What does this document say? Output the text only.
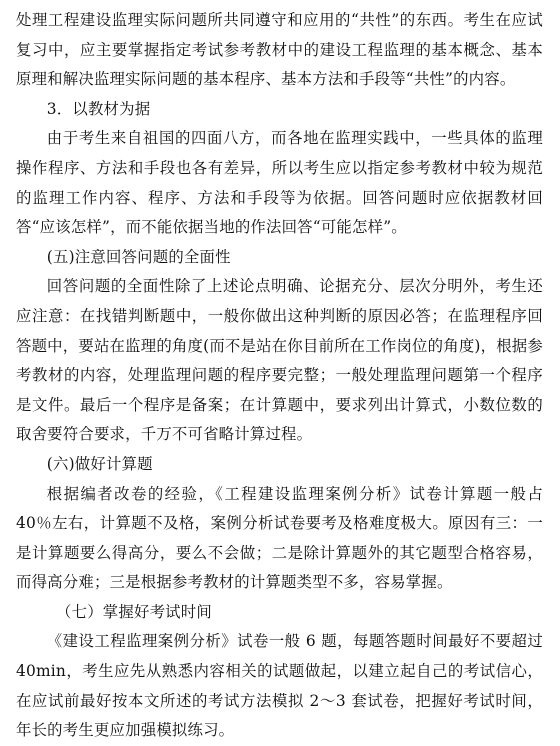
处理工程建设监理实际问题所共同遵守和应用的“共性”的东西。考生在应试复习中，应主要掌握指定考试参考教材中的建设工程监理的基本概念、基本原理和解决监理实际问题的基本程序、基本方法和手段等“共性”的内容。

3．以教材为据

由于考生来自祖国的四面八方，而各地在监理实践中，一些具体的监理操作程序、方法和手段也各有差异，所以考生应以指定参考教材中较为规范的监理工作内容、程序、方法和手段等为依据。回答问题时应依据教材回答“应该怎样”，而不能依据当地的作法回答“可能怎样”。

(五)注意回答问题的全面性

回答问题的全面性除了上述论点明确、论据充分、层次分明外，考生还应注意：在找错判断题中，一般你做出这种判断的原因必答；在监理程序回答题中，要站在监理的角度(而不是站在你目前所在工作岗位的角度)，根据参考教材的内容，处理监理问题的程序要完整；一般处理监理问题第一个程序是文件。最后一个程序是备案；在计算题中，要求列出计算式，小数位数的取舍要符合要求，千万不可省略计算过程。

(六)做好计算题

根据编者改卷的经验，《工程建设监理案例分析》试卷计算题一般占 40％左右，计算题不及格，案例分析试卷要考及格难度极大。原因有三：一是计算题要么得高分，要么不会做；二是除计算题外的其它题型合格容易，而得高分难；三是根据参考教材的计算题类型不多，容易掌握。

（七）掌握好考试时间

《建设工程监理案例分析》试卷一般 6 题，每题答题时间最好不要超过 40min，考生应先从熟悉内容相关的试题做起，以建立起自己的考试信心，在应试前最好按本文所述的考试方法模拟 2～3 套试卷，把握好考试时间，年长的考生更应加强模拟练习。
